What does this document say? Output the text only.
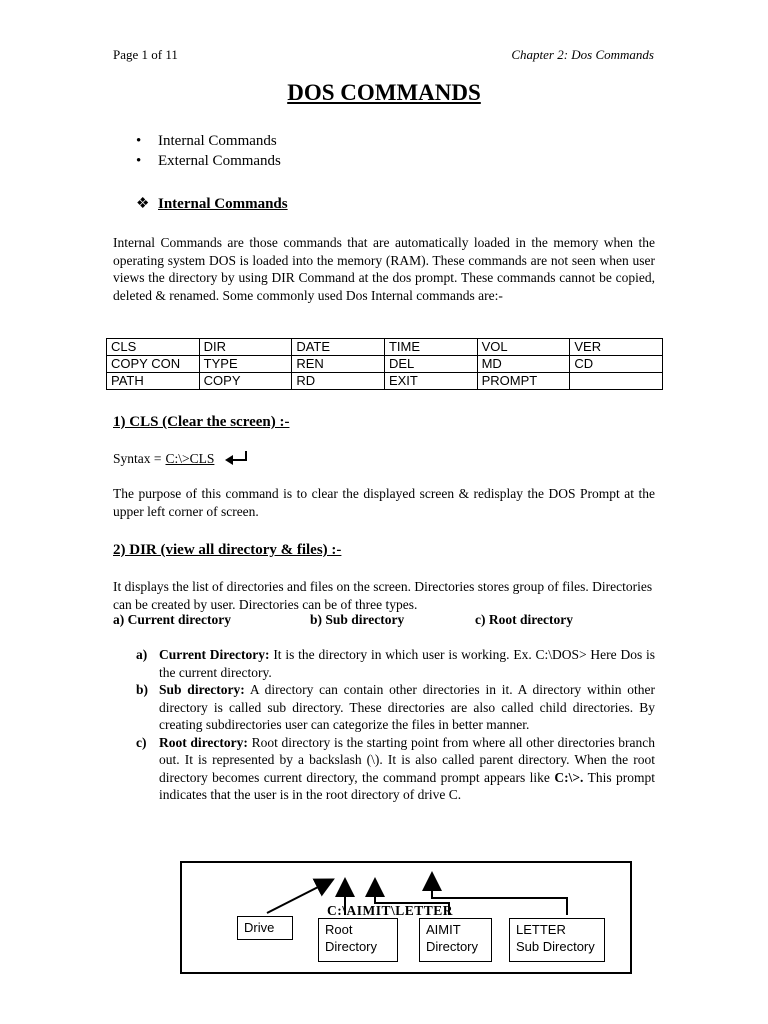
Page 1 of 11	Chapter 2: Dos Commands
DOS COMMANDS
• Internal Commands
• External Commands
❖ Internal Commands
Internal Commands are those commands that are automatically loaded in the memory when the operating system DOS is loaded into the memory (RAM). These commands are not seen when user views the directory by using DIR Command at the dos prompt. These commands cannot be copied, deleted & renamed. Some commonly used Dos Internal commands are:-
CLS	DIR	DATE	TIME	VOL	VER
COPY CON	TYPE	REN	DEL	MD	CD
PATH	COPY	RD	EXIT	PROMPT	
1) CLS (Clear the screen) :-
Syntax = C:\>CLS
The purpose of this command is to clear the displayed screen & redisplay the DOS Prompt at the upper left corner of screen.
2) DIR (view all directory & files) :-
It displays the list of directories and files on the screen. Directories stores group of files. Directories can be created by user. Directories can be of three types.
a) Current directory	b) Sub directory	c) Root directory
a) Current Directory: It is the directory in which user is working. Ex. C:\DOS> Here Dos is the current directory.
b) Sub directory: A directory can contain other directories in it. A directory within other directory is called sub directory. These directories are also called child directories. By creating subdirectories user can categorize the files in better manner.
c) Root directory: Root directory is the starting point from where all other directories branch out. It is represented by a backslash (\). It is also called parent directory. When the root directory becomes current directory, the command prompt appears like C:\>. This prompt indicates that the user is in the root directory of drive C.
C:\AIMIT\LETTER
Drive	Root
Directory
AIMIT
Directory
LETTER
Sub Directory
